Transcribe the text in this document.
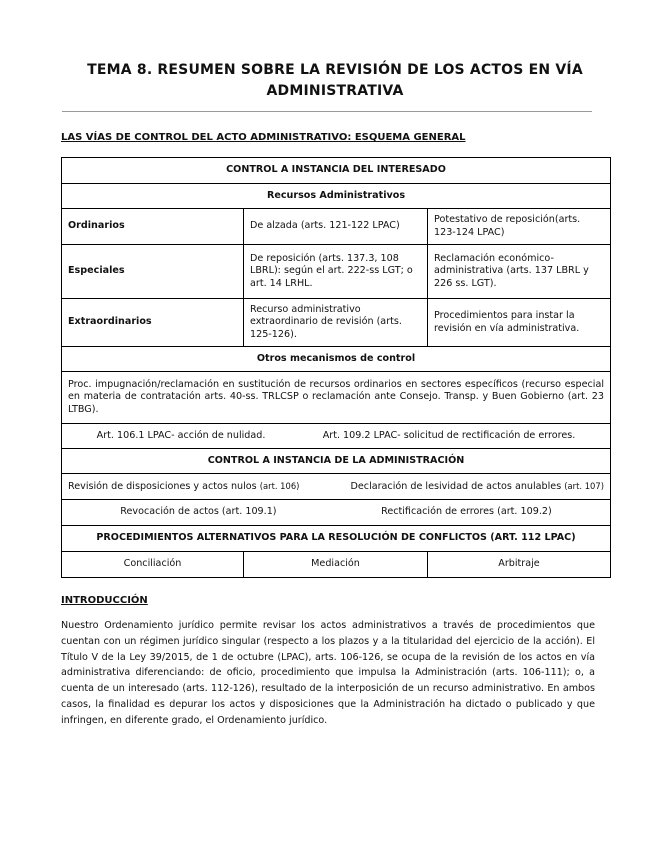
TEMA 8. RESUMEN SOBRE LA REVISIÓN DE LOS ACTOS EN VÍA
ADMINISTRATIVA
LAS VÍAS DE CONTROL DEL ACTO ADMINISTRATIVO: ESQUEMA GENERAL
CONTROL A INSTANCIA DEL INTERESADO		
Recursos Administrativos		
Ordinarios	De alzada (arts. 121-122 LPAC)	Potestativo de reposición(arts. 123-124 LPAC)
Especiales	De reposición (arts. 137.3, 108 LBRL): según el art. 222-ss LGT; o art. 14 LRHL.	Reclamación económico-administrativa (arts. 137 LBRL y 226 ss. LGT).
Extraordinarios	Recurso administrativo extraordinario de revisión (arts. 125-126).	Procedimientos para instar la revisión en vía administrativa.
Otros mecanismos de control		
Proc. impugnación/reclamación en sustitución de recursos ordinarios en sectores específicos (recurso especial en materia de contratación arts. 40-ss. TRLCSP o reclamación ante Consejo. Transp. y Buen Gobierno (art. 23 LTBG).		

Art. 106.1 LPAC- acción de nulidad. Art. 109.2 LPAC- solicitud de rectificación de errores.		

CONTROL A INSTANCIA DE LA ADMINISTRACIÓN		

Revisión de disposiciones y actos nulos (art. 106) Declaración de lesividad de actos anulables (art. 107)		

Revocación de actos (art. 109.1) Rectificación de errores (art. 109.2)		

PROCEDIMIENTOS ALTERNATIVOS PARA LA RESOLUCIÓN DE CONFLICTOS (ART. 112 LPAC)		
Conciliación	Mediación	Arbitraje
INTRODUCCIÓN
Nuestro Ordenamiento jurídico permite revisar los actos administrativos a través de procedimientos que cuentan con un régimen jurídico singular (respecto a los plazos y a la titularidad del ejercicio de la acción). El Título V de la Ley 39/2015, de 1 de octubre (LPAC), arts. 106-126, se ocupa de la revisión de los actos en vía administrativa diferenciando: de oficio, procedimiento que impulsa la Administración (arts. 106-111); o, a cuenta de un interesado (arts. 112-126), resultado de la interposición de un recurso administrativo. En ambos casos, la finalidad es depurar los actos y disposiciones que la Administración ha dictado o publicado y que infringen, en diferente grado, el Ordenamiento jurídico.
